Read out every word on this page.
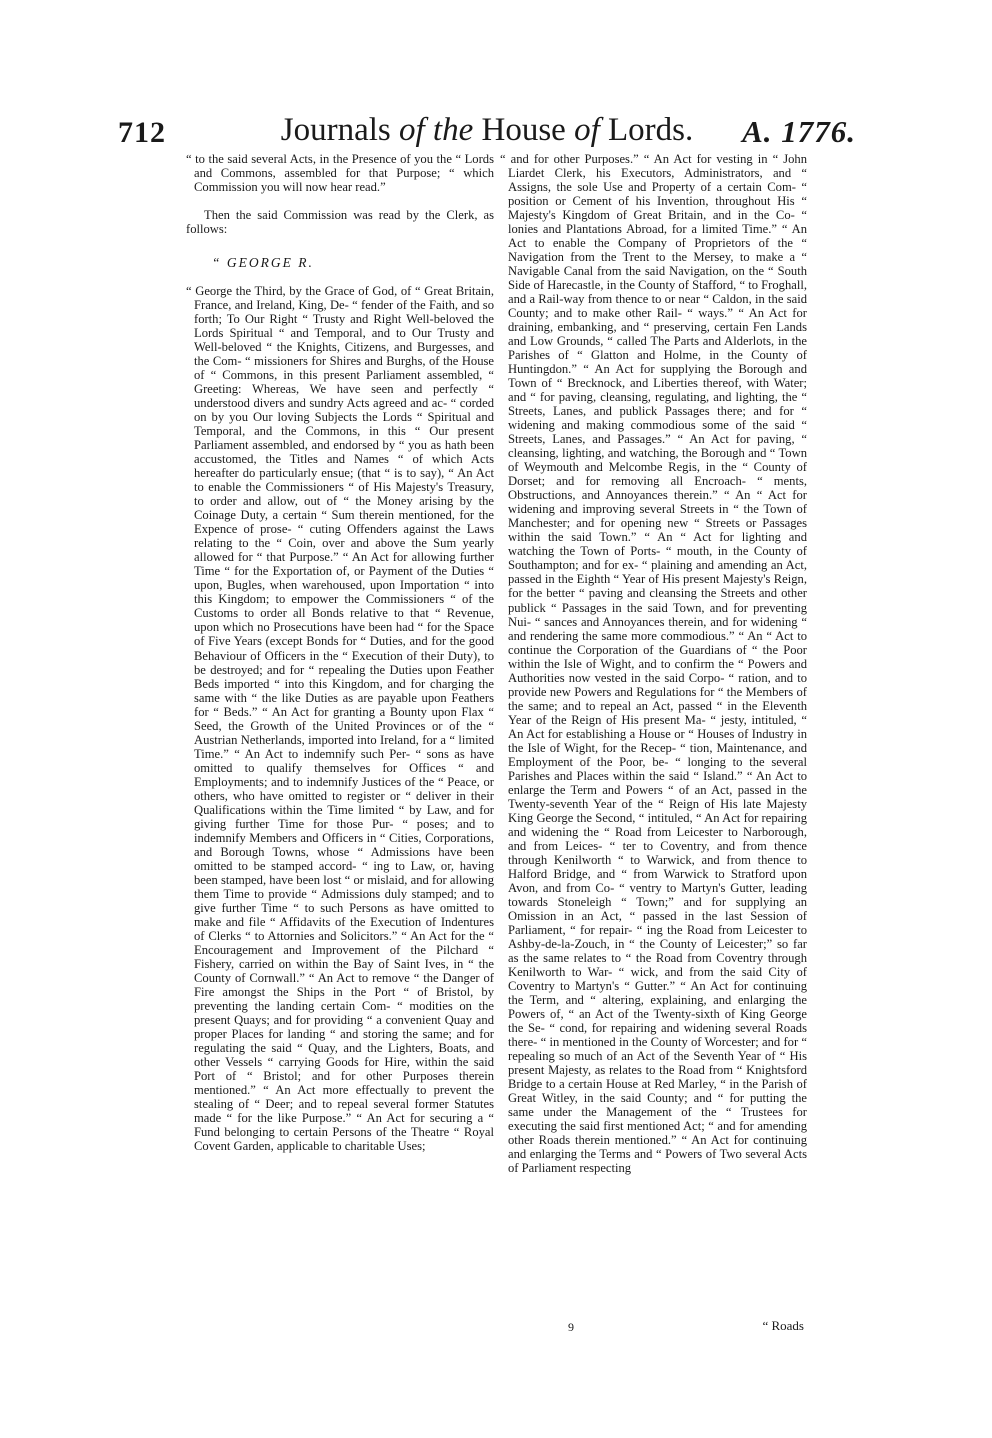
712	Journals of the House of Lords.	A. 1776.

“ to the said several Acts, in the Presence of you the “ Lords and Commons, assembled for that Purpose; “ which Commission you will now hear read.”

Then the said Commission was read by the Clerk, as follows:

“ GEORGE R.

“ George the Third, by the Grace of God, of “ Great Britain, France, and Ireland, King, De- “ fender of the Faith, and so forth; To Our Right “ Trusty and Right Well-beloved the Lords Spiritual “ and Temporal, and to Our Trusty and Well-beloved “ the Knights, Citizens, and Burgesses, and the Com- “ missioners for Shires and Burghs, of the House of “ Commons, in this present Parliament assembled, “ Greeting: Whereas, We have seen and perfectly “ understood divers and sundry Acts agreed and ac- “ corded on by you Our loving Subjects the Lords “ Spiritual and Temporal, and the Commons, in this “ Our present Parliament assembled, and endorsed by “ you as hath been accustomed, the Titles and Names “ of which Acts hereafter do particularly ensue; (that “ is to say), “ An Act to enable the Commissioners “ of His Majesty's Treasury, to order and allow, out of “ the Money arising by the Coinage Duty, a certain “ Sum therein mentioned, for the Expence of prose- “ cuting Offenders against the Laws relating to the “ Coin, over and above the Sum yearly allowed for “ that Purpose.” “ An Act for allowing further Time “ for the Exportation of, or Payment of the Duties “ upon, Bugles, when warehoused, upon Importation “ into this Kingdom; to empower the Commissioners “ of the Customs to order all Bonds relative to that “ Revenue, upon which no Prosecutions have been had “ for the Space of Five Years (except Bonds for “ Duties, and for the good Behaviour of Officers in the “ Execution of their Duty), to be destroyed; and for “ repealing the Duties upon Feather Beds imported “ into this Kingdom, and for charging the same with “ the like Duties as are payable upon Feathers for “ Beds.” “ An Act for granting a Bounty upon Flax “ Seed, the Growth of the United Provinces or of the “ Austrian Netherlands, imported into Ireland, for a “ limited Time.” “ An Act to indemnify such Per- “ sons as have omitted to qualify themselves for Offices “ and Employments; and to indemnify Justices of the “ Peace, or others, who have omitted to register or “ deliver in their Qualifications within the Time limited “ by Law, and for giving further Time for those Pur- “ poses; and to indemnify Members and Officers in “ Cities, Corporations, and Borough Towns, whose “ Admissions have been omitted to be stamped accord- “ ing to Law, or, having been stamped, have been lost “ or mislaid, and for allowing them Time to provide “ Admissions duly stamped; and to give further Time “ to such Persons as have omitted to make and file “ Affidavits of the Execution of Indentures of Clerks “ to Attornies and Solicitors.” “ An Act for the “ Encouragement and Improvement of the Pilchard “ Fishery, carried on within the Bay of Saint Ives, in “ the County of Cornwall.” “ An Act to remove “ the Danger of Fire amongst the Ships in the Port “ of Bristol, by preventing the landing certain Com- “ modities on the present Quays; and for providing “ a convenient Quay and proper Places for landing “ and storing the same; and for regulating the said “ Quay, and the Lighters, Boats, and other Vessels “ carrying Goods for Hire, within the said Port of “ Bristol; and for other Purposes therein mentioned.” “ An Act more effectually to prevent the stealing of “ Deer; and to repeal several former Statutes made “ for the like Purpose.” “ An Act for securing a “ Fund belonging to certain Persons of the Theatre “ Royal Covent Garden, applicable to charitable Uses;

“ and for other Purposes.” “ An Act for vesting in “ John Liardet Clerk, his Executors, Administrators, and “ Assigns, the sole Use and Property of a certain Com- “ position or Cement of his Invention, throughout His “ Majesty's Kingdom of Great Britain, and in the Co- “ lonies and Plantations Abroad, for a limited Time.” “ An Act to enable the Company of Proprietors of the “ Navigation from the Trent to the Mersey, to make a “ Navigable Canal from the said Navigation, on the “ South Side of Harecastle, in the County of Stafford, “ to Froghall, and a Rail-way from thence to or near “ Caldon, in the said County; and to make other Rail- “ ways.” “ An Act for draining, embanking, and “ preserving, certain Fen Lands and Low Grounds, “ called The Parts and Alderlots, in the Parishes of “ Glatton and Holme, in the County of Huntingdon.” “ An Act for supplying the Borough and Town of “ Brecknock, and Liberties thereof, with Water; and “ for paving, cleansing, regulating, and lighting, the “ Streets, Lanes, and publick Passages there; and for “ widening and making commodious some of the said “ Streets, Lanes, and Passages.” “ An Act for paving, “ cleansing, lighting, and watching, the Borough and “ Town of Weymouth and Melcombe Regis, in the “ County of Dorset; and for removing all Encroach- “ ments, Obstructions, and Annoyances therein.” “ An “ Act for widening and improving several Streets in “ the Town of Manchester; and for opening new “ Streets or Passages within the said Town.” “ An “ Act for lighting and watching the Town of Ports- “ mouth, in the County of Southampton; and for ex- “ plaining and amending an Act, passed in the Eighth “ Year of His present Majesty's Reign, for the better “ paving and cleansing the Streets and other publick “ Passages in the said Town, and for preventing Nui- “ sances and Annoyances therein, and for widening “ and rendering the same more commodious.” “ An “ Act to continue the Corporation of the Guardians of “ the Poor within the Isle of Wight, and to confirm the “ Powers and Authorities now vested in the said Corpo- “ ration, and to provide new Powers and Regulations for “ the Members of the same; and to repeal an Act, passed “ in the Eleventh Year of the Reign of His present Ma- “ jesty, intituled, “ An Act for establishing a House or “ Houses of Industry in the Isle of Wight, for the Recep- “ tion, Maintenance, and Employment of the Poor, be- “ longing to the several Parishes and Places within the said “ Island.” “ An Act to enlarge the Term and Powers “ of an Act, passed in the Twenty-seventh Year of the “ Reign of His late Majesty King George the Second, “ intituled, “ An Act for repairing and widening the “ Road from Leicester to Narborough, and from Leices- “ ter to Coventry, and from thence through Kenilworth “ to Warwick, and from thence to Halford Bridge, and “ from Warwick to Stratford upon Avon, and from Co- “ ventry to Martyn's Gutter, leading towards Stoneleigh “ Town;” and for supplying an Omission in an Act, “ passed in the last Session of Parliament, “ for repair- “ ing the Road from Leicester to Ashby-de-la-Zouch, in “ the County of Leicester;” so far as the same relates to “ the Road from Coventry through Kenilworth to War- “ wick, and from the said City of Coventry to Martyn's “ Gutter.” “ An Act for continuing the Term, and “ altering, explaining, and enlarging the Powers of, “ an Act of the Twenty-sixth of King George the Se- “ cond, for repairing and widening several Roads there- “ in mentioned in the County of Worcester; and for “ repealing so much of an Act of the Seventh Year of “ His present Majesty, as relates to the Road from “ Knightsford Bridge to a certain House at Red Marley, “ in the Parish of Great Witley, in the said County; and “ for putting the same under the Management of the “ Trustees for executing the said first mentioned Act; “ and for amending other Roads therein mentioned.” “ An Act for continuing and enlarging the Terms and “ Powers of Two several Acts of Parliament respecting

9	“ Roads
